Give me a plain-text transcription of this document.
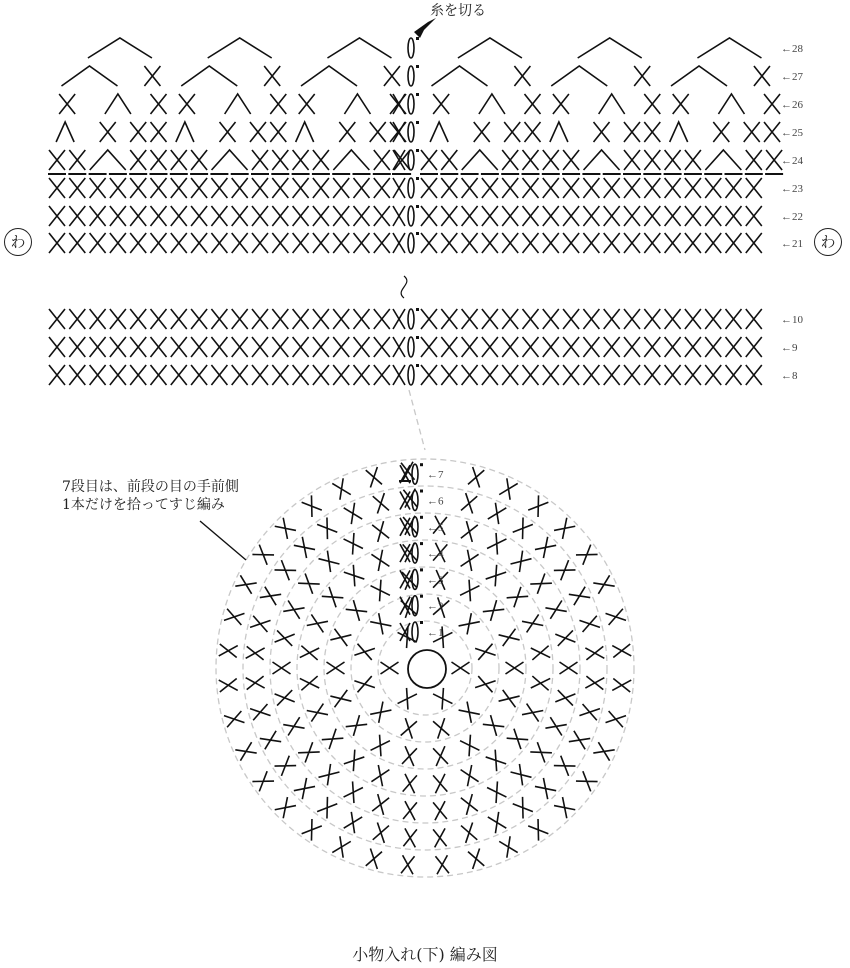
←28
←27
←26
←25
←24
←23
←22
←21
←10
←9
←8
←1
←2
←3
←4
←5
←6
←7
糸を切る
わ	わ
7段目は、前段の目の手前側
1本だけを拾ってすじ編み
小物入れ(下) 編み図
